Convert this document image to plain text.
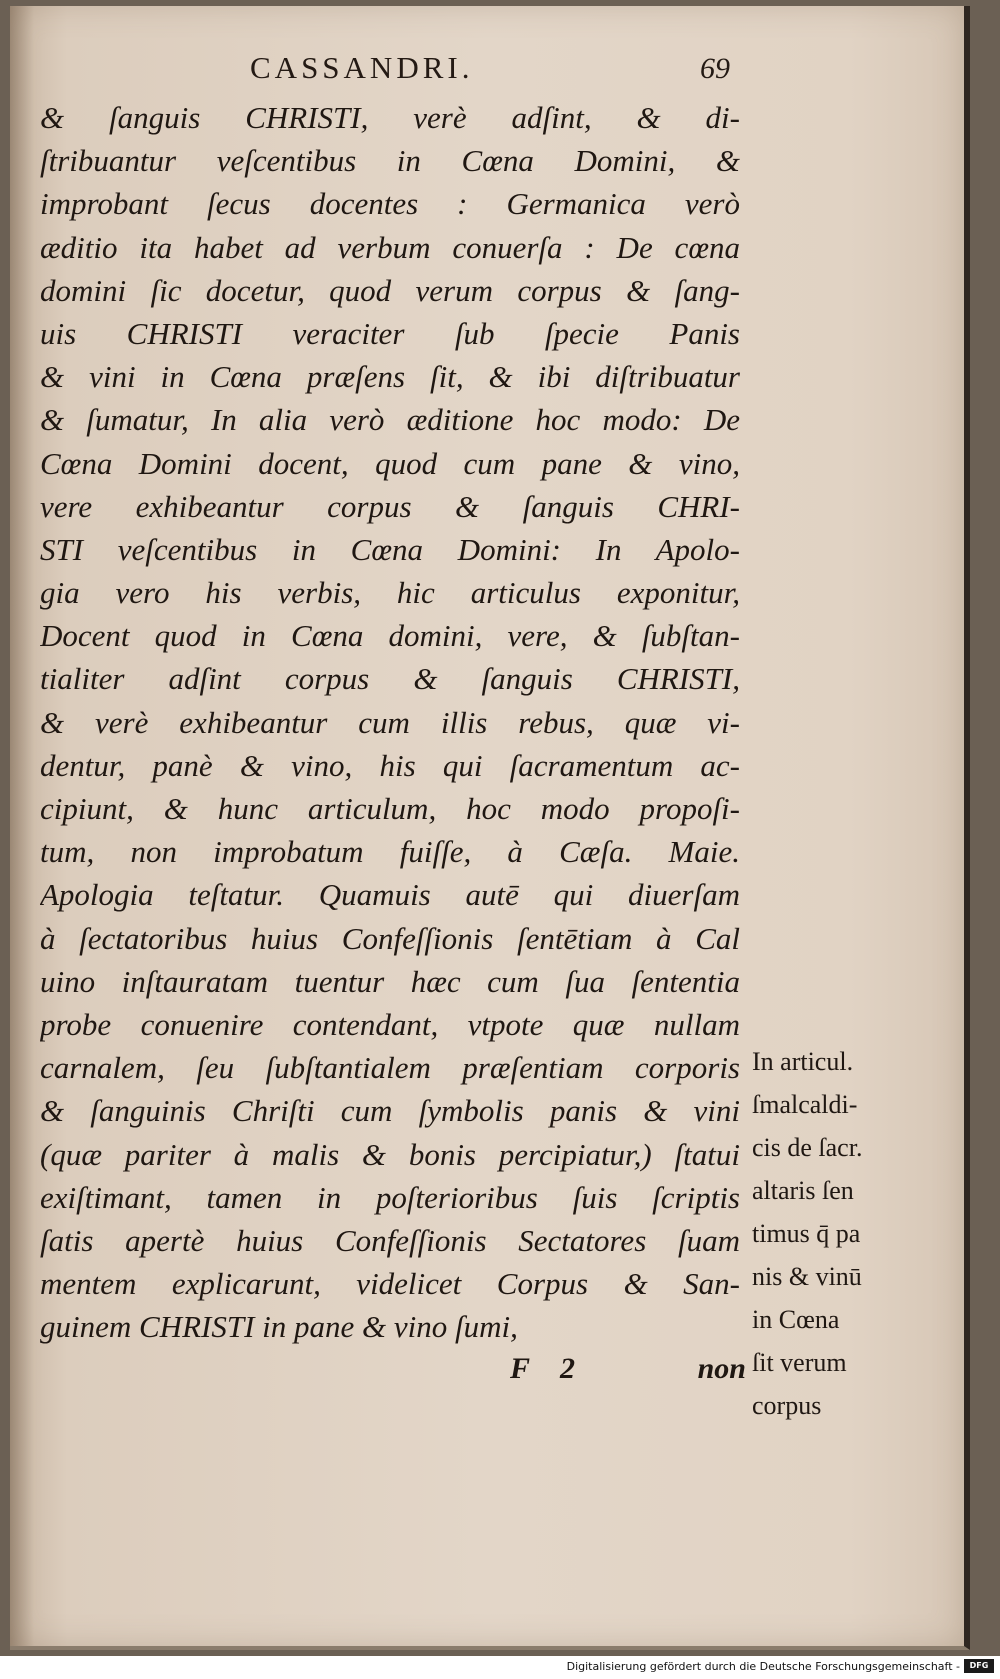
CASSANDRI.	69
& ſanguis CHRISTI, verè adſint, & di-
ſtribuantur veſcentibus in Cœna Domini, &
improbant ſecus docentes : Germanica verò
æditio ita habet ad verbum conuerſa : De cœna
domini ſic docetur, quod verum corpus & ſang-
uis CHRISTI veraciter ſub ſpecie Panis
& vini in Cœna præſens ſit, & ibi diſtribuatur
& ſumatur, In alia verò æditione hoc modo: De
Cœna Domini docent, quod cum pane & vino,
vere exhibeantur corpus & ſanguis CHRI-
STI veſcentibus in Cœna Domini: In Apolo-
gia vero his verbis, hic articulus exponitur,
Docent quod in Cœna domini, vere, & ſubſtan-
tialiter adſint corpus & ſanguis CHRISTI,
& verè exhibeantur cum illis rebus, quæ vi-
dentur, panè & vino, his qui ſacramentum ac-
cipiunt, & hunc articulum, hoc modo propoſi-
tum, non improbatum fuiſſe, à Cæſa. Maie.
Apologia teſtatur. Quamuis autē qui diuerſam
à ſectatoribus huius Confeſſionis ſentētiam à Cal
uino inſtauratam tuentur hæc cum ſua ſententia
probe conuenire contendant, vtpote quæ nullam
carnalem, ſeu ſubſtantialem præſentiam corporis
& ſanguinis Chriſti cum ſymbolis panis & vini
(quæ pariter à malis & bonis percipiatur,) ſtatui
exiſtimant, tamen in poſterioribus ſuis ſcriptis
ſatis apertè huius Confeſſionis Sectatores ſuam
mentem explicarunt, videlicet Corpus & San-
guinem CHRISTI in pane & vino ſumi,
In articul.
ſmalcaldi-
cis de ſacr.
altaris ſen
timus q̄ pa
nis & vinū
in Cœna
ſit verum
corpus
F 2	non
Digitalisierung gefördert durch die Deutsche Forschungsgemeinschaft -	DFG
